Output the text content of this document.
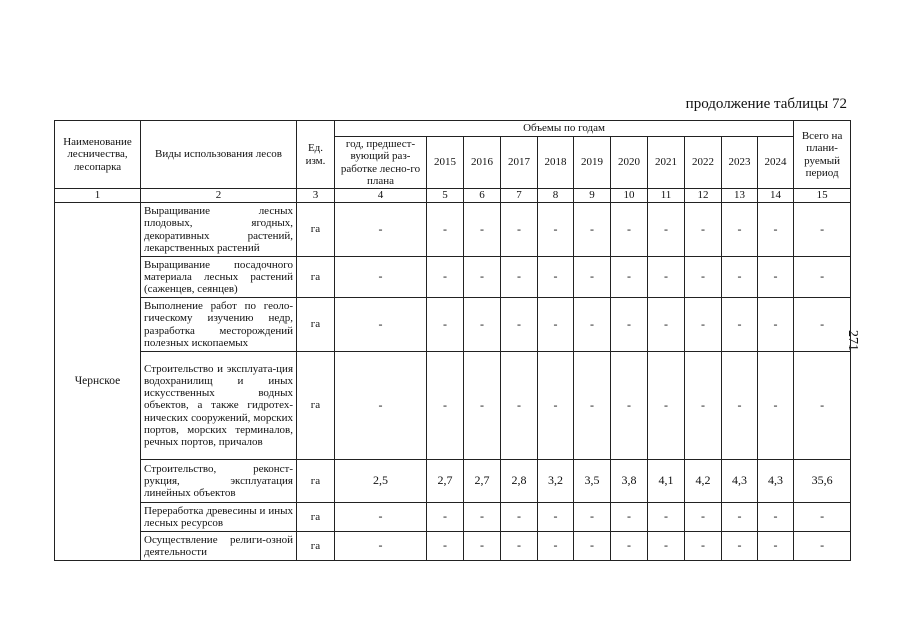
продолжение таблицы 72
271
Наименование лесничества, лесопарка	Виды использования лесов	Ед. изм.	Объемы по годам											Всего на плани-руемый период
			год, предшест-вующий раз-работке лесно-го плана	2015	2016	2017	2018	2019	2020	2021	2022	2023	2024	
1	2	3	4	5	6	7	8	9	10	11	12	13	14	15
Чернское	Выращивание лесных плодовых, ягодных, декоративных растений, лекарственных растений	га	-	-	-	-	-	-	-	-	-	-	-	-
	Выращивание посадочного материала лесных растений (саженцев, сеянцев)	га	-	-	-	-	-	-	-	-	-	-	-	-
	Выполнение работ по геоло-гическому изучению недр, разработка месторождений полезных ископаемых	га	-	-	-	-	-	-	-	-	-	-	-	-
	Строительство и эксплуата-ция водохранилищ и иных искусственных водных объектов, а также гидротех-нических сооружений, морских портов, морских терминалов, речных портов, причалов	га	-	-	-	-	-	-	-	-	-	-	-	-
	Строительство, реконст-рукция, эксплуатация линейных объектов	га	2,5	2,7	2,7	2,8	3,2	3,5	3,8	4,1	4,2	4,3	4,3	35,6
	Переработка древесины и иных лесных ресурсов	га	-	-	-	-	-	-	-	-	-	-	-	-
	Осуществление религи-озной деятельности	га	-	-	-	-	-	-	-	-	-	-	-	-
